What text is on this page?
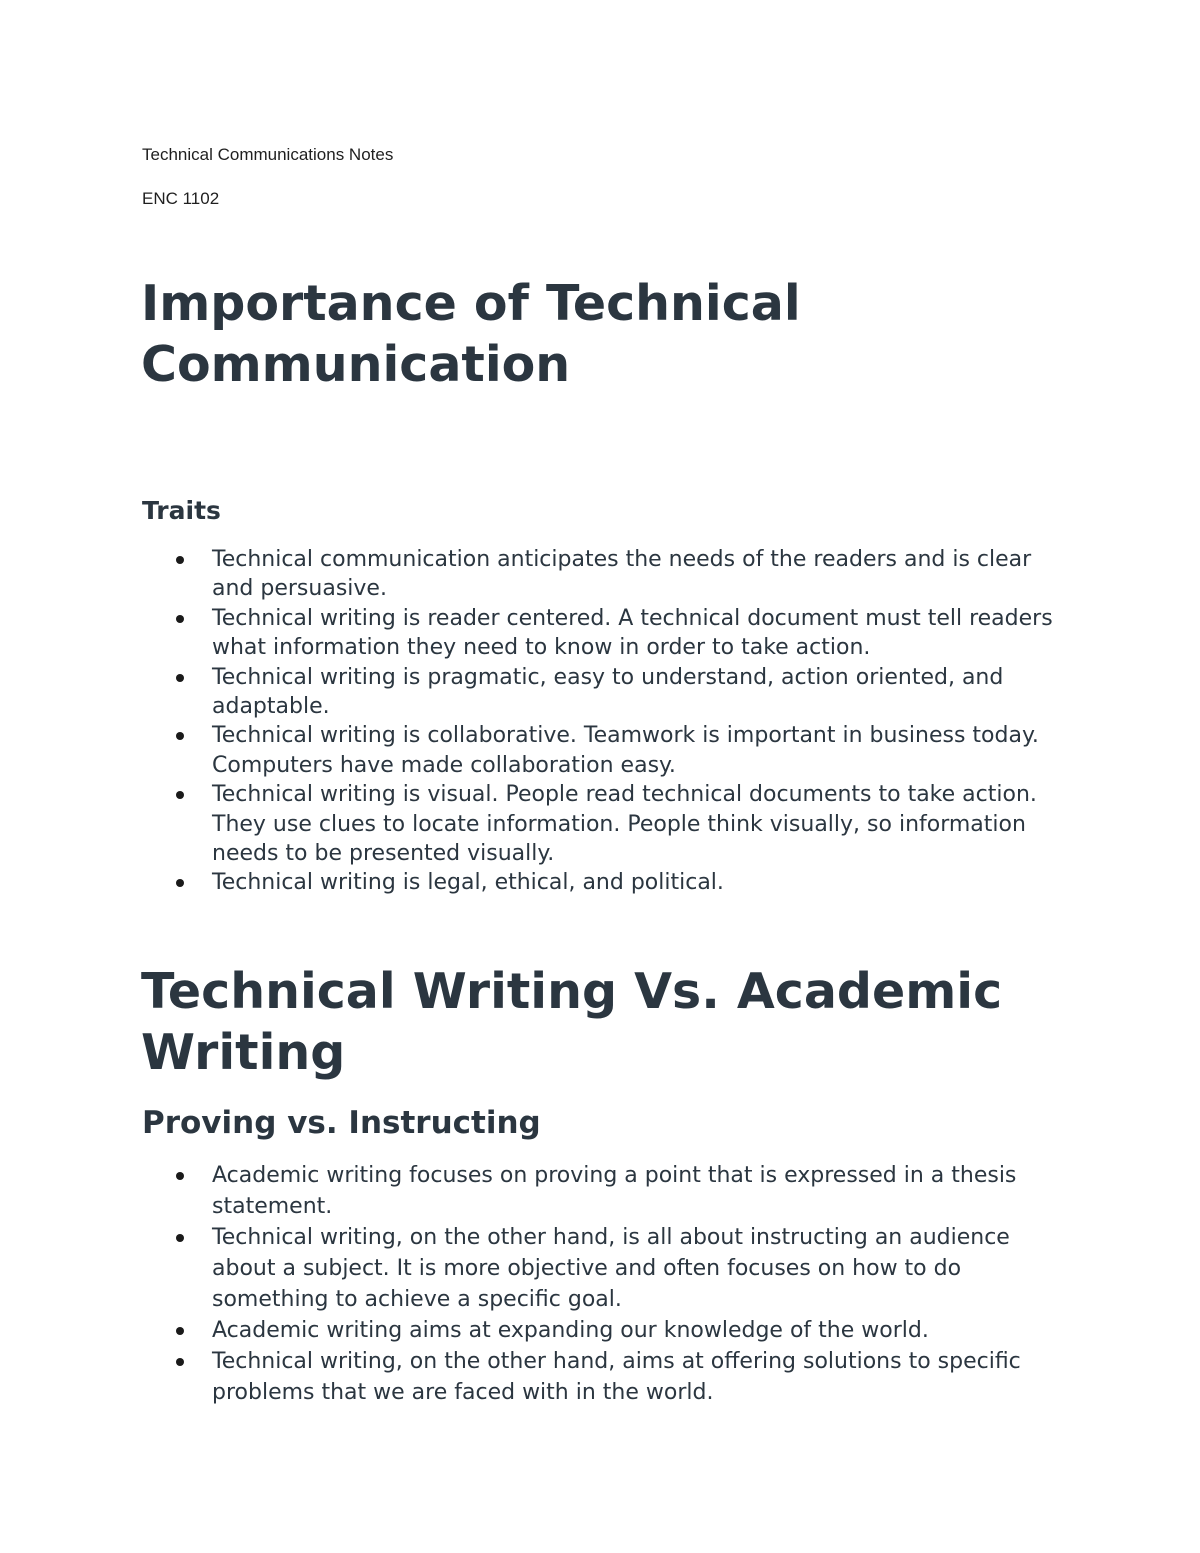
Technical Communications Notes

ENC 1102

Importance of Technical Communication
Traits
Technical communication anticipates the needs of the readers and is clear and persuasive.
Technical writing is reader centered. A technical document must tell readers what information they need to know in order to take action.
Technical writing is pragmatic, easy to understand, action oriented, and adaptable.
Technical writing is collaborative. Teamwork is important in business today. Computers have made collaboration easy.
Technical writing is visual. People read technical documents to take action. They use clues to locate information. People think visually, so information needs to be presented visually.
Technical writing is legal, ethical, and political.
Technical Writing Vs. Academic Writing
Proving vs. Instructing
Academic writing focuses on proving a point that is expressed in a thesis statement.
Technical writing, on the other hand, is all about instructing an audience about a subject. It is more objective and often focuses on how to do something to achieve a specific goal.
Academic writing aims at expanding our knowledge of the world.
Technical writing, on the other hand, aims at offering solutions to specific problems that we are faced with in the world.
